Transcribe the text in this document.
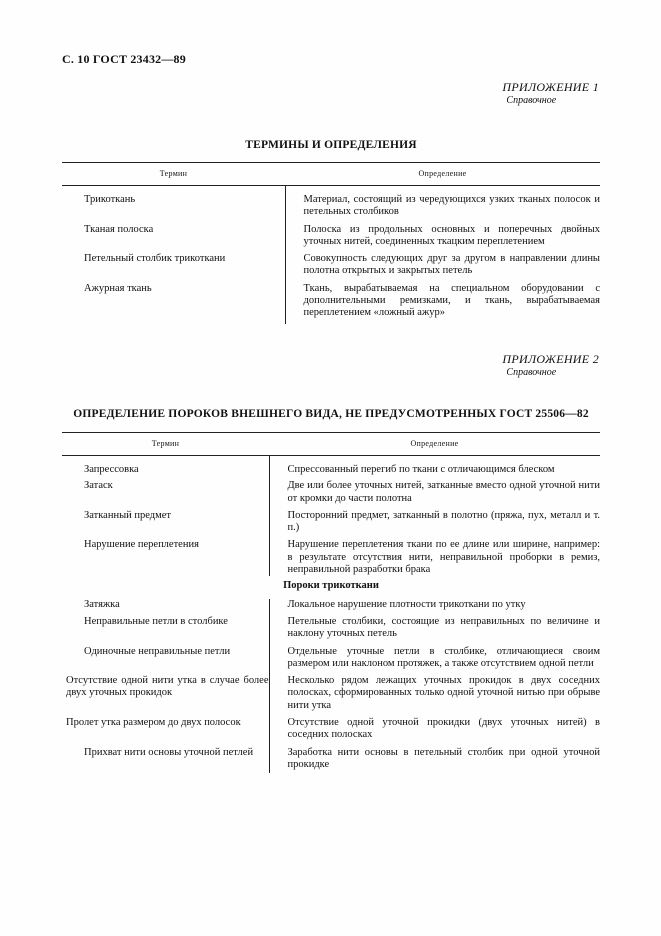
С. 10 ГОСТ 23432—89
ПРИЛОЖЕНИЕ 1
Справочное
ТЕРМИНЫ И ОПРЕДЕЛЕНИЯ
Термин	Определение
Трикоткань	Материал, состоящий из чередующихся узких тканых полосок и петельных столбиков
Тканая полоска	Полоска из продольных основных и поперечных двойных уточных нитей, соединенных ткацким переплетением
Петельный столбик трикоткани	Совокупность следующих друг за другом в направлении длины полотна открытых и закрытых петель
Ажурная ткань	Ткань, вырабатываемая на специальном оборудовании с дополнительными ремизками, и ткань, вырабатываемая переплетением «ложный ажур»
ПРИЛОЖЕНИЕ 2
Справочное
ОПРЕДЕЛЕНИЕ ПОРОКОВ ВНЕШНЕГО ВИДА, НЕ ПРЕДУСМОТРЕННЫХ ГОСТ 25506—82
Термин	Определение
Запрессовка	Спрессованный перегиб по ткани с отличающимся блеском
Затаск	Две или более уточных нитей, затканные вместо одной уточной нити от кромки до части полотна
Затканный предмет	Посторонний предмет, затканный в полотно (пряжа, пух, металл и т. п.)
Нарушение переплетения	Нарушение переплетения ткани по ее длине или ширине, например: в результате отсутствия нити, неправильной проборки в ремиз, неправильной разработки брака
Пороки трикоткани	
Затяжка	Локальное нарушение плотности трикоткани по утку
Неправильные петли в столбике	Петельные столбики, состоящие из неправильных по величине и наклону уточных петель
Одиночные неправильные петли	Отдельные уточные петли в столбике, отличающиеся своим размером или наклоном протяжек, а также отсутствием одной петли
Отсутствие одной нити утка в случае более двух уточных прокидок	Несколько рядом лежащих уточных прокидок в двух соседних полосках, сформированных только одной уточной нитью при обрыве нити утка
Пролет утка размером до двух полосок	Отсутствие одной уточной прокидки (двух уточных нитей) в соседних полосках
Прихват нити основы уточной петлей	Заработка нити основы в петельный столбик при одной уточной прокидке
